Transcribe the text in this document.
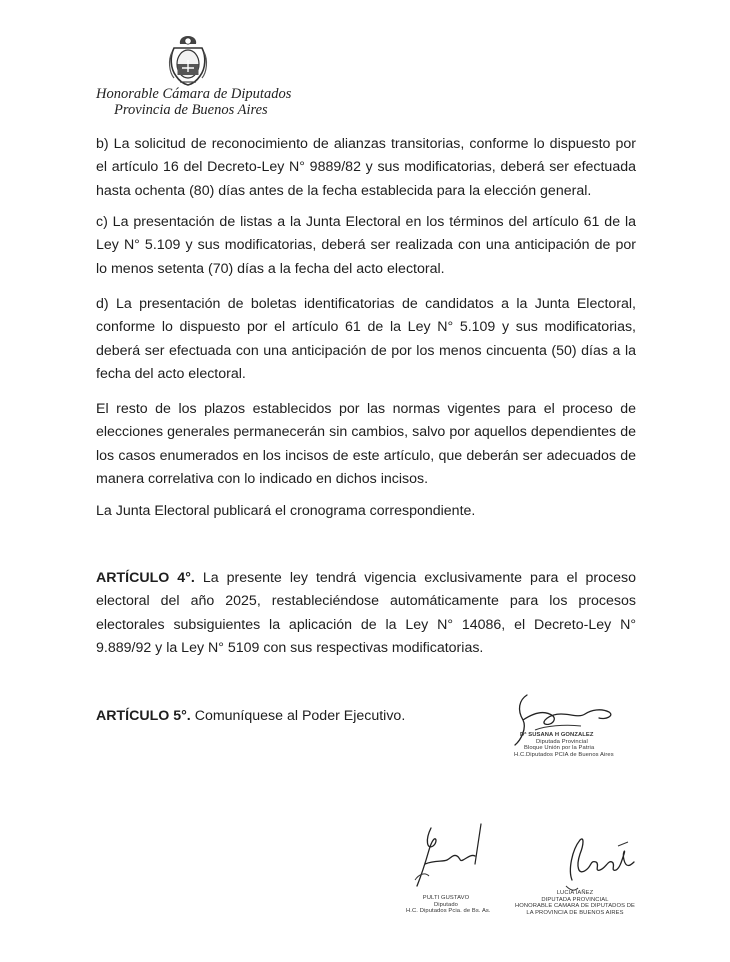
Honorable Cámara de Diputados
Provincia de Buenos Aires

b) La solicitud de reconocimiento de alianzas transitorias, conforme lo dispuesto por el artículo 16 del Decreto-Ley N° 9889/82 y sus modificatorias, deberá ser efectuada hasta ochenta (80) días antes de la fecha establecida para la elección general.

c) La presentación de listas a la Junta Electoral en los términos del artículo 61 de la Ley N° 5.109 y sus modificatorias, deberá ser realizada con una anticipación de por lo menos setenta (70) días a la fecha del acto electoral.

d) La presentación de boletas identificatorias de candidatos a la Junta Electoral, conforme lo dispuesto por el artículo 61 de la Ley N° 5.109 y sus modificatorias, deberá ser efectuada con una anticipación de por los menos cincuenta (50) días a la fecha del acto electoral.

El resto de los plazos establecidos por las normas vigentes para el proceso de elecciones generales permanecerán sin cambios, salvo por aquellos dependientes de los casos enumerados en los incisos de este artículo, que deberán ser adecuados de manera correlativa con lo indicado en dichos incisos.

La Junta Electoral publicará el cronograma correspondiente.

ARTÍCULO 4°. La presente ley tendrá vigencia exclusivamente para el proceso electoral del año 2025, restableciéndose automáticamente para los procesos electorales subsiguientes la aplicación de la Ley N° 14086, el Decreto-Ley N° 9.889/92 y la Ley N° 5109 con sus respectivas modificatorias.

ARTÍCULO 5°. Comuníquese al Poder Ejecutivo.

Dª SUSANA H GONZALEZ
Diputada Provincial
Bloque Unión por la Patria
H.C.Diputados PCIA de Buenos Aires
PULTI GUSTAVO
Diputado
H.C. Diputados Pcia. de Bs. As.
LUCIA IAÑEZ
DIPUTADA PROVINCIAL
HONORABLE CAMARA DE DIPUTADOS DE
LA PROVINCIA DE BUENOS AIRES
